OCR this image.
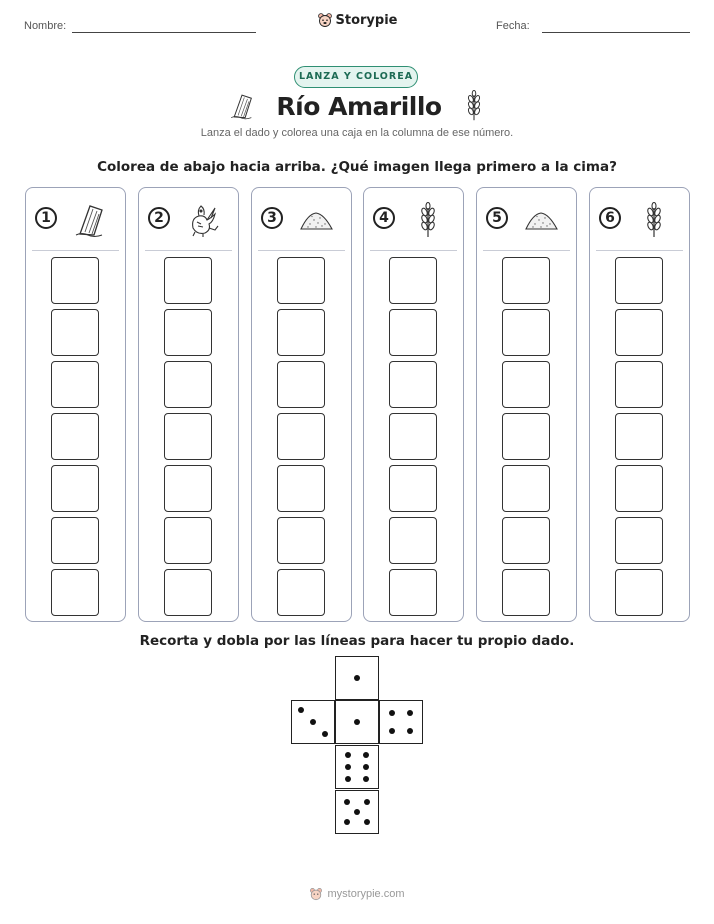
Nombre:	Storypie	Fecha:
LANZA Y COLOREA
Río Amarillo
Lanza el dado y colorea una caja en la columna de ese número.
Colorea de abajo hacia arriba. ¿Qué imagen llega primero a la cima?
1	2	3	4	5	6
Recorta y dobla por las líneas para hacer tu propio dado.
mystorypie.com
